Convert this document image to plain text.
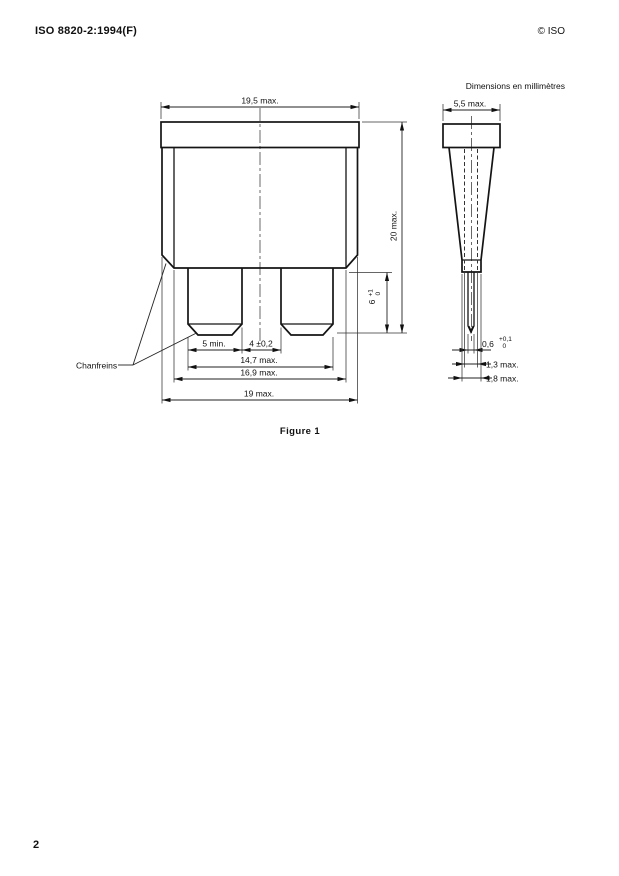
ISO 8820-2:1994(F)	© ISO
Dimensions en millimètres
19,5 max.
20 max.
6
+1 0
5 min.	4 ±0,2
14,7 max.
16,9 max.
19 max.
Chanfreins
5,5 max.
0,6 +0,1
0
1,3 max.
1,8 max.
Figure 1
2
